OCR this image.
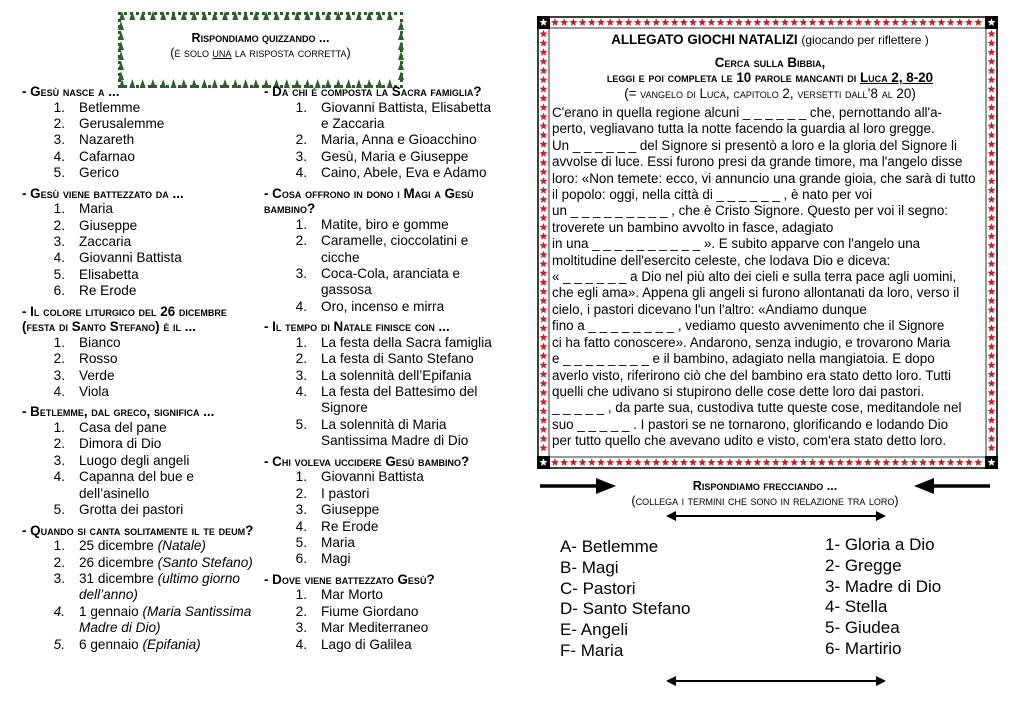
Rispondiamo quizzando ...
(è solo una la risposta corretta)
- Gesù nasce a ...
1.	Betlemme
2.	Gerusalemme
3.	Nazareth
4.	Cafarnao
5.	Gerico
- Gesù viene battezzato da ...
1.	Maria
2.	Giuseppe
3.	Zaccaria
4.	Giovanni Battista
5.	Elisabetta
6.	Re Erode
- Il colore liturgico del 26 dicembre (festa di Santo Stefano) è il ...
1.	Bianco
2.	Rosso
3.	Verde
4.	Viola
- Betlemme, dal greco, significa ...
1.	Casa del pane
2.	Dimora di Dio
3.	Luogo degli angeli
4.	Capanna del bue e dell’asinello
5.	Grotta dei pastori
- Quando si canta solitamente il te deum?
1.	25 dicembre (Natale)
2.	26 dicembre (Santo Stefano)
3.	31 dicembre (ultimo giorno dell’anno)
4.	1 gennaio (Maria Santissima Madre di Dio)
5.	6 gennaio (Epifania)
- Da chi è composta la Sacra famiglia?
1.	Giovanni Battista, Elisabetta e Zaccaria
2.	Maria, Anna e Gioacchino
3.	Gesù, Maria e Giuseppe
4.	Caino, Abele, Eva e Adamo
- Cosa offrono in dono i Magi a Gesù bambino?
1.	Matite, biro e gomme
2.	Caramelle, cioccolatini e cicche
3.	Coca-Cola, aranciata e gassosa
4.	Oro, incenso e mirra
- Il tempo di Natale finisce con ...
1.	La festa della Sacra famiglia
2.	La festa di Santo Stefano
3.	La solennità dell’Epifania
4.	La festa del Battesimo del Signore
5.	La solennità di Maria Santissima Madre di Dio
- Chi voleva uccidere Gesù bambino?
1.	Giovanni Battista
2.	I pastori
3.	Giuseppe
4.	Re Erode
5.	Maria
6.	Magi
- Dove viene battezzato Gesù?
1.	Mar Morto
2.	Fiume Giordano
3.	Mar Mediterraneo
4.	Lago di Galilea
ALLEGATO GIOCHI NATALIZI (giocando per riflettere )
Cerca sulla Bibbia,
leggi e poi completa le 10 parole mancanti di Luca 2, 8-20
(= vangelo di Luca, capitolo 2, versetti dall’8 al 20)
C'erano in quella regione alcuni _ _ _ _ _ _ che, pernottando all'a-
perto, vegliavano tutta la notte facendo la guardia al loro gregge.
Un _ _ _ _ _ _ del Signore si presentò a loro e la gloria del Signore li
avvolse di luce. Essi furono presi da grande timore, ma l'angelo disse
loro: «Non temete: ecco, vi annuncio una grande gioia, che sarà di tutto
il popolo: oggi, nella città di _ _ _ _ _ _ , è nato per voi
un _ _ _ _ _ _ _ _ _ , che è Cristo Signore. Questo per voi il segno:
troverete un bambino avvolto in fasce, adagiato
in una _ _ _ _ _ _ _ _ _ _ ». E subito apparve con l'angelo una
moltitudine dell'esercito celeste, che lodava Dio e diceva:
« _ _ _ _ _ _ a Dio nel più alto dei cieli e sulla terra pace agli uomini,
che egli ama». Appena gli angeli si furono allontanati da loro, verso il
cielo, i pastori dicevano l'un l'altro: «Andiamo dunque
fino a _ _ _ _ _ _ _ _ , vediamo questo avvenimento che il Signore
ci ha fatto conoscere». Andarono, senza indugio, e trovarono Maria
e _ _ _ _ _ _ _ _ e il bambino, adagiato nella mangiatoia. E dopo
averlo visto, riferirono ciò che del bambino era stato detto loro. Tutti
quelli che udivano si stupirono delle cose dette loro dai pastori.
_ _ _ _ _ , da parte sua, custodiva tutte queste cose, meditandole nel
suo _ _ _ _ _ . I pastori se ne tornarono, glorificando e lodando Dio
per tutto quello che avevano udito e visto, com'era stato detto loro.
Rispondiamo frecciando ...
(collega i termini che sono in relazione tra loro)
A- Betlemme
B- Magi
C- Pastori
D- Santo Stefano
E- Angeli
F- Maria
1- Gloria a Dio
2- Gregge
3- Madre di Dio
4- Stella
5- Giudea
6- Martirio
